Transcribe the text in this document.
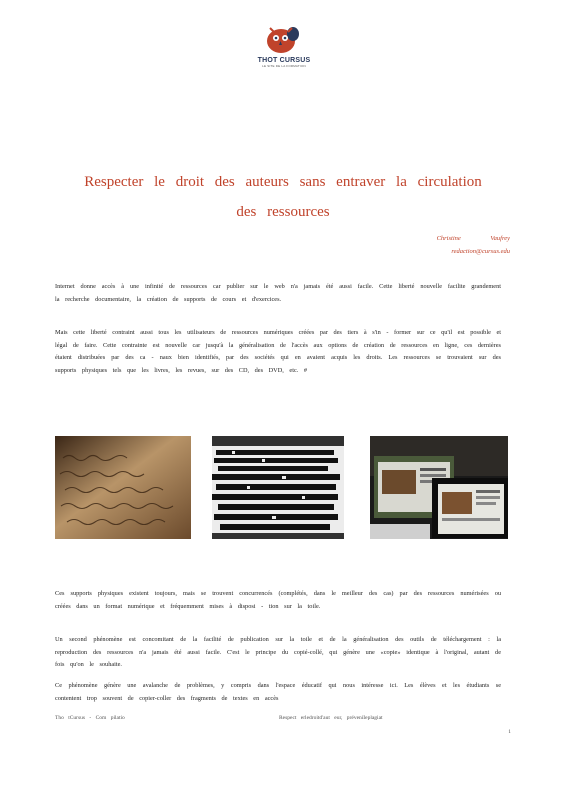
THOT CURSUS
LE SITE DE LA FORMATION
Respecter le droit des auteurs sans entraver la circulation
des ressources
Christine Vaufrey
redaction@cursus.edu

Internet donne accès à une infinité de ressources car publier sur le web n'a jamais été aussi facile. Cette liberté nouvelle facilite grandement la recherche documentaire, la création de supports de cours et d'exercices.

Mais cette liberté contraint aussi tous les utilisateurs de ressources numériques créées par des tiers à s'in - former sur ce qu'il est possible et légal de faire. Cette contrainte est nouvelle car jusqu'à la généralisation de l'accès aux options de création de ressources en ligne, ces dernières étaient distribuées par des ca - naux bien identifiés, par des sociétés qui en avaient acquis les droits. Les ressources se trouvaient sur des supports physiques tels que les livres, les revues, sur des CD, des DVD, etc. #

Ces supports physiques existent toujours, mais se trouvent concurrencés (complétés, dans le meilleur des cas) par des ressources numérisées ou créées dans un format numérique et fréquemment mises à disposi - tion sur la toile.

Un second phénomène est concomitant de la facilité de publication sur la toile et de la généralisation des outils de téléchargement : la reproduction des ressources n'a jamais été aussi facile. C'est le principe du copié-collé, qui génère une «copie» identique à l'original, autant de fois qu'on le souhaite.

Ce phénomène génère une avalanche de problèmes, y compris dans l'espace éducatif qui nous intéresse ici. Les élèves et les étudiants se contentent trop souvent de copier-coller des fragments de textes en accès

Tho tCursus - Com pilatio	Respect erledroitd'aut eur, préveniIeplagiat
1
